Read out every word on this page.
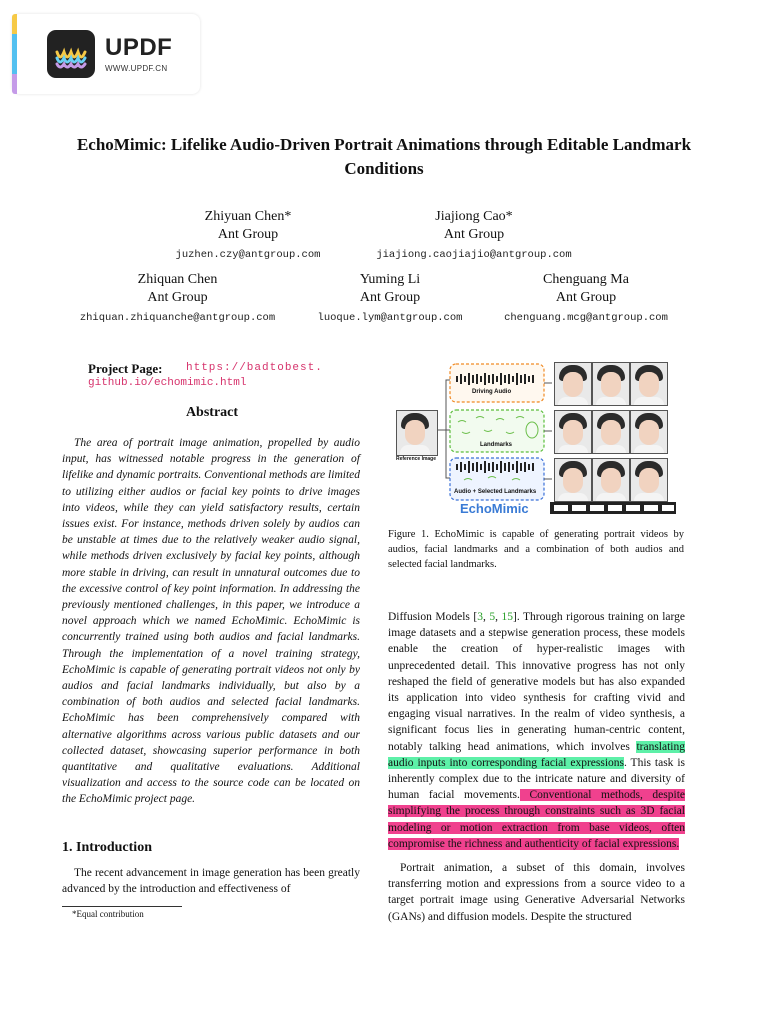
UPDF
WWW.UPDF.CN
EchoMimic: Lifelike Audio-Driven Portrait Animations through Editable Landmark Conditions
Zhiyuan Chen*
Ant Group
juzhen.czy@antgroup.com
Jiajiong Cao*
Ant Group
jiajiong.caojiajio@antgroup.com
Zhiquan Chen
Ant Group
zhiquan.zhiquanche@antgroup.com
Yuming Li
Ant Group
luoque.lym@antgroup.com
Chenguang Ma
Ant Group
chenguang.mcg@antgroup.com
Project Page: https://badtobest.
github.io/echomimic.html
Abstract
The area of portrait image animation, propelled by audio input, has witnessed notable progress in the generation of lifelike and dynamic portraits. Conventional methods are limited to utilizing either audios or facial key points to drive images into videos, while they can yield satisfactory results, certain issues exist. For instance, methods driven solely by audios can be unstable at times due to the relatively weaker audio signal, while methods driven exclusively by facial key points, although more stable in driving, can result in unnatural outcomes due to the excessive control of key point information. In addressing the previously mentioned challenges, in this paper, we introduce a novel approach which we named EchoMimic. EchoMimic is concurrently trained using both audios and facial landmarks. Through the implementation of a novel training strategy, EchoMimic is capable of generating portrait videos not only by audios and facial landmarks individually, but also by a combination of both audios and selected facial landmarks. EchoMimic has been comprehensively compared with alternative algorithms across various public datasets and our collected dataset, showcasing superior performance in both quantitative and qualitative evaluations. Additional visualization and access to the source code can be located on the EchoMimic project page.
1. Introduction
The recent advancement in image generation has been greatly advanced by the introduction and effectiveness of
*Equal contribution
Reference Image
Driving Audio
Landmarks
Audio + Selected Landmarks
EchoMimic
Figure 1. EchoMimic is capable of generating portrait videos by audios, facial landmarks and a combination of both audios and selected facial landmarks.
Diffusion Models [3, 5, 15]. Through rigorous training on large image datasets and a stepwise generation process, these models enable the creation of hyper-realistic images with unprecedented detail. This innovative progress has not only reshaped the field of generative models but has also expanded its application into video synthesis for crafting vivid and engaging visual narratives. In the realm of video synthesis, a significant focus lies in generating human-centric content, notably talking head animations, which involves translating audio inputs into corresponding facial expressions. This task is inherently complex due to the intricate nature and diversity of human facial movements. Conventional methods, despite simplifying the process through constraints such as 3D facial modeling or motion extraction from base videos, often compromise the richness and authenticity of facial expressions.
Portrait animation, a subset of this domain, involves transferring motion and expressions from a source video to a target portrait image using Generative Adversarial Networks (GANs) and diffusion models. Despite the structured
